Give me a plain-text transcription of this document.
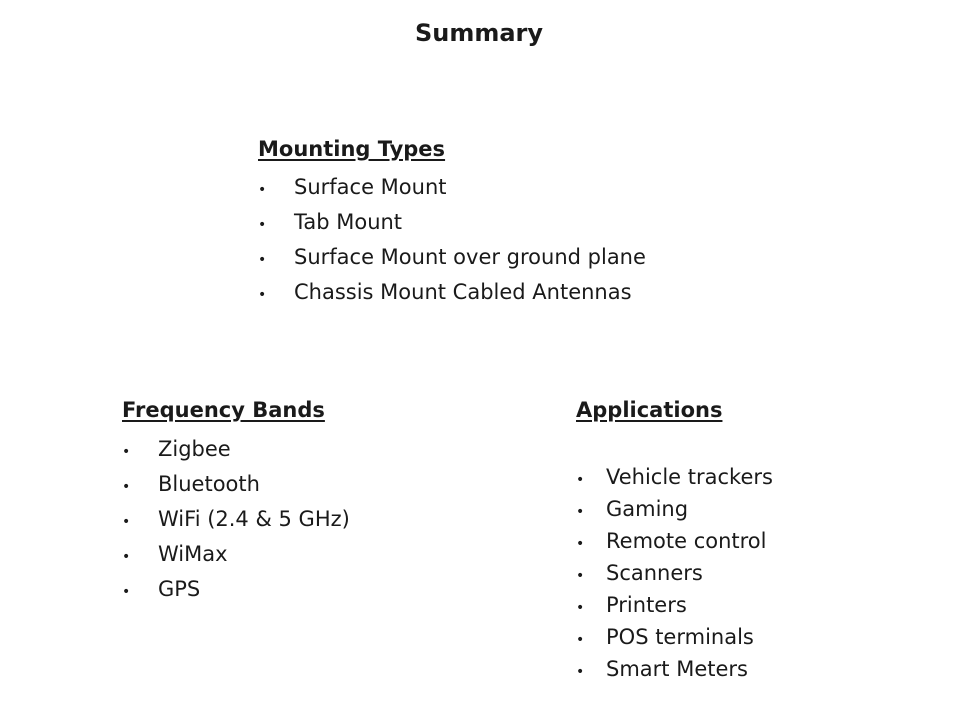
Summary
Mounting Types
•	Surface Mount
•	Tab Mount
•	Surface Mount over ground plane
•	Chassis Mount Cabled Antennas
Frequency Bands
•	Zigbee
•	Bluetooth
•	WiFi (2.4 & 5 GHz)
•	WiMax
•	GPS
Applications
•	Vehicle trackers
•	Gaming
•	Remote control
•	Scanners
•	Printers
•	POS terminals
•	Smart Meters
